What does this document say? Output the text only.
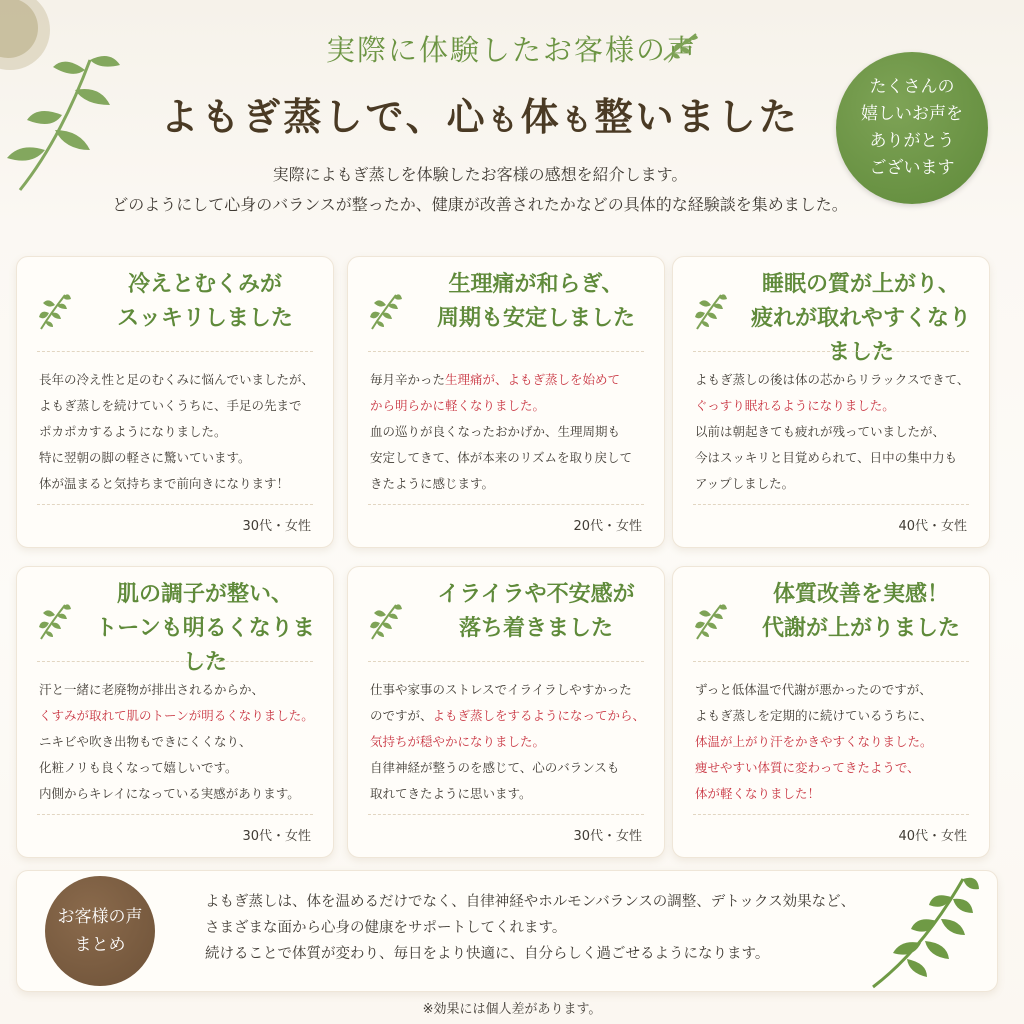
実際に体験したお客様の声
よもぎ蒸しで、心も体も整いました
たくさんの
嬉しいお声を
ありがとう
ございます
実際によもぎ蒸しを体験したお客様の感想を紹介します。
どのようにして心身のバランスが整ったか、健康が改善されたかなどの具体的な経験談を集めました。
冷えとむくみが
スッキリしました
長年の冷え性と足のむくみに悩んでいましたが、
よもぎ蒸しを続けていくうちに、手足の先まで
ポカポカするようになりました。
特に翌朝の脚の軽さに驚いています。
体が温まると気持ちまで前向きになります！
30代・女性
生理痛が和らぎ、
周期も安定しました
毎月辛かった生理痛が、よもぎ蒸しを始めて
から明らかに軽くなりました。
血の巡りが良くなったおかげか、生理周期も
安定してきて、体が本来のリズムを取り戻して
きたように感じます。
20代・女性
睡眠の質が上がり、
疲れが取れやすくなりました
よもぎ蒸しの後は体の芯からリラックスできて、
ぐっすり眠れるようになりました。
以前は朝起きても疲れが残っていましたが、
今はスッキリと目覚められて、日中の集中力も
アップしました。
40代・女性
肌の調子が整い、
トーンも明るくなりました
汗と一緒に老廃物が排出されるからか、
くすみが取れて肌のトーンが明るくなりました。
ニキビや吹き出物もできにくくなり、
化粧ノリも良くなって嬉しいです。
内側からキレイになっている実感があります。
30代・女性
イライラや不安感が
落ち着きました
仕事や家事のストレスでイライラしやすかった
のですが、よもぎ蒸しをするようになってから、
気持ちが穏やかになりました。
自律神経が整うのを感じて、心のバランスも
取れてきたように思います。
30代・女性
体質改善を実感！
代謝が上がりました
ずっと低体温で代謝が悪かったのですが、
よもぎ蒸しを定期的に続けているうちに、
体温が上がり汗をかきやすくなりました。
痩せやすい体質に変わってきたようで、
体が軽くなりました！
40代・女性
お客様の声
まとめ
よもぎ蒸しは、体を温めるだけでなく、自律神経やホルモンバランスの調整、デトックス効果など、
さまざまな面から心身の健康をサポートしてくれます。
続けることで体質が変わり、毎日をより快適に、自分らしく過ごせるようになります。
※効果には個人差があります。
